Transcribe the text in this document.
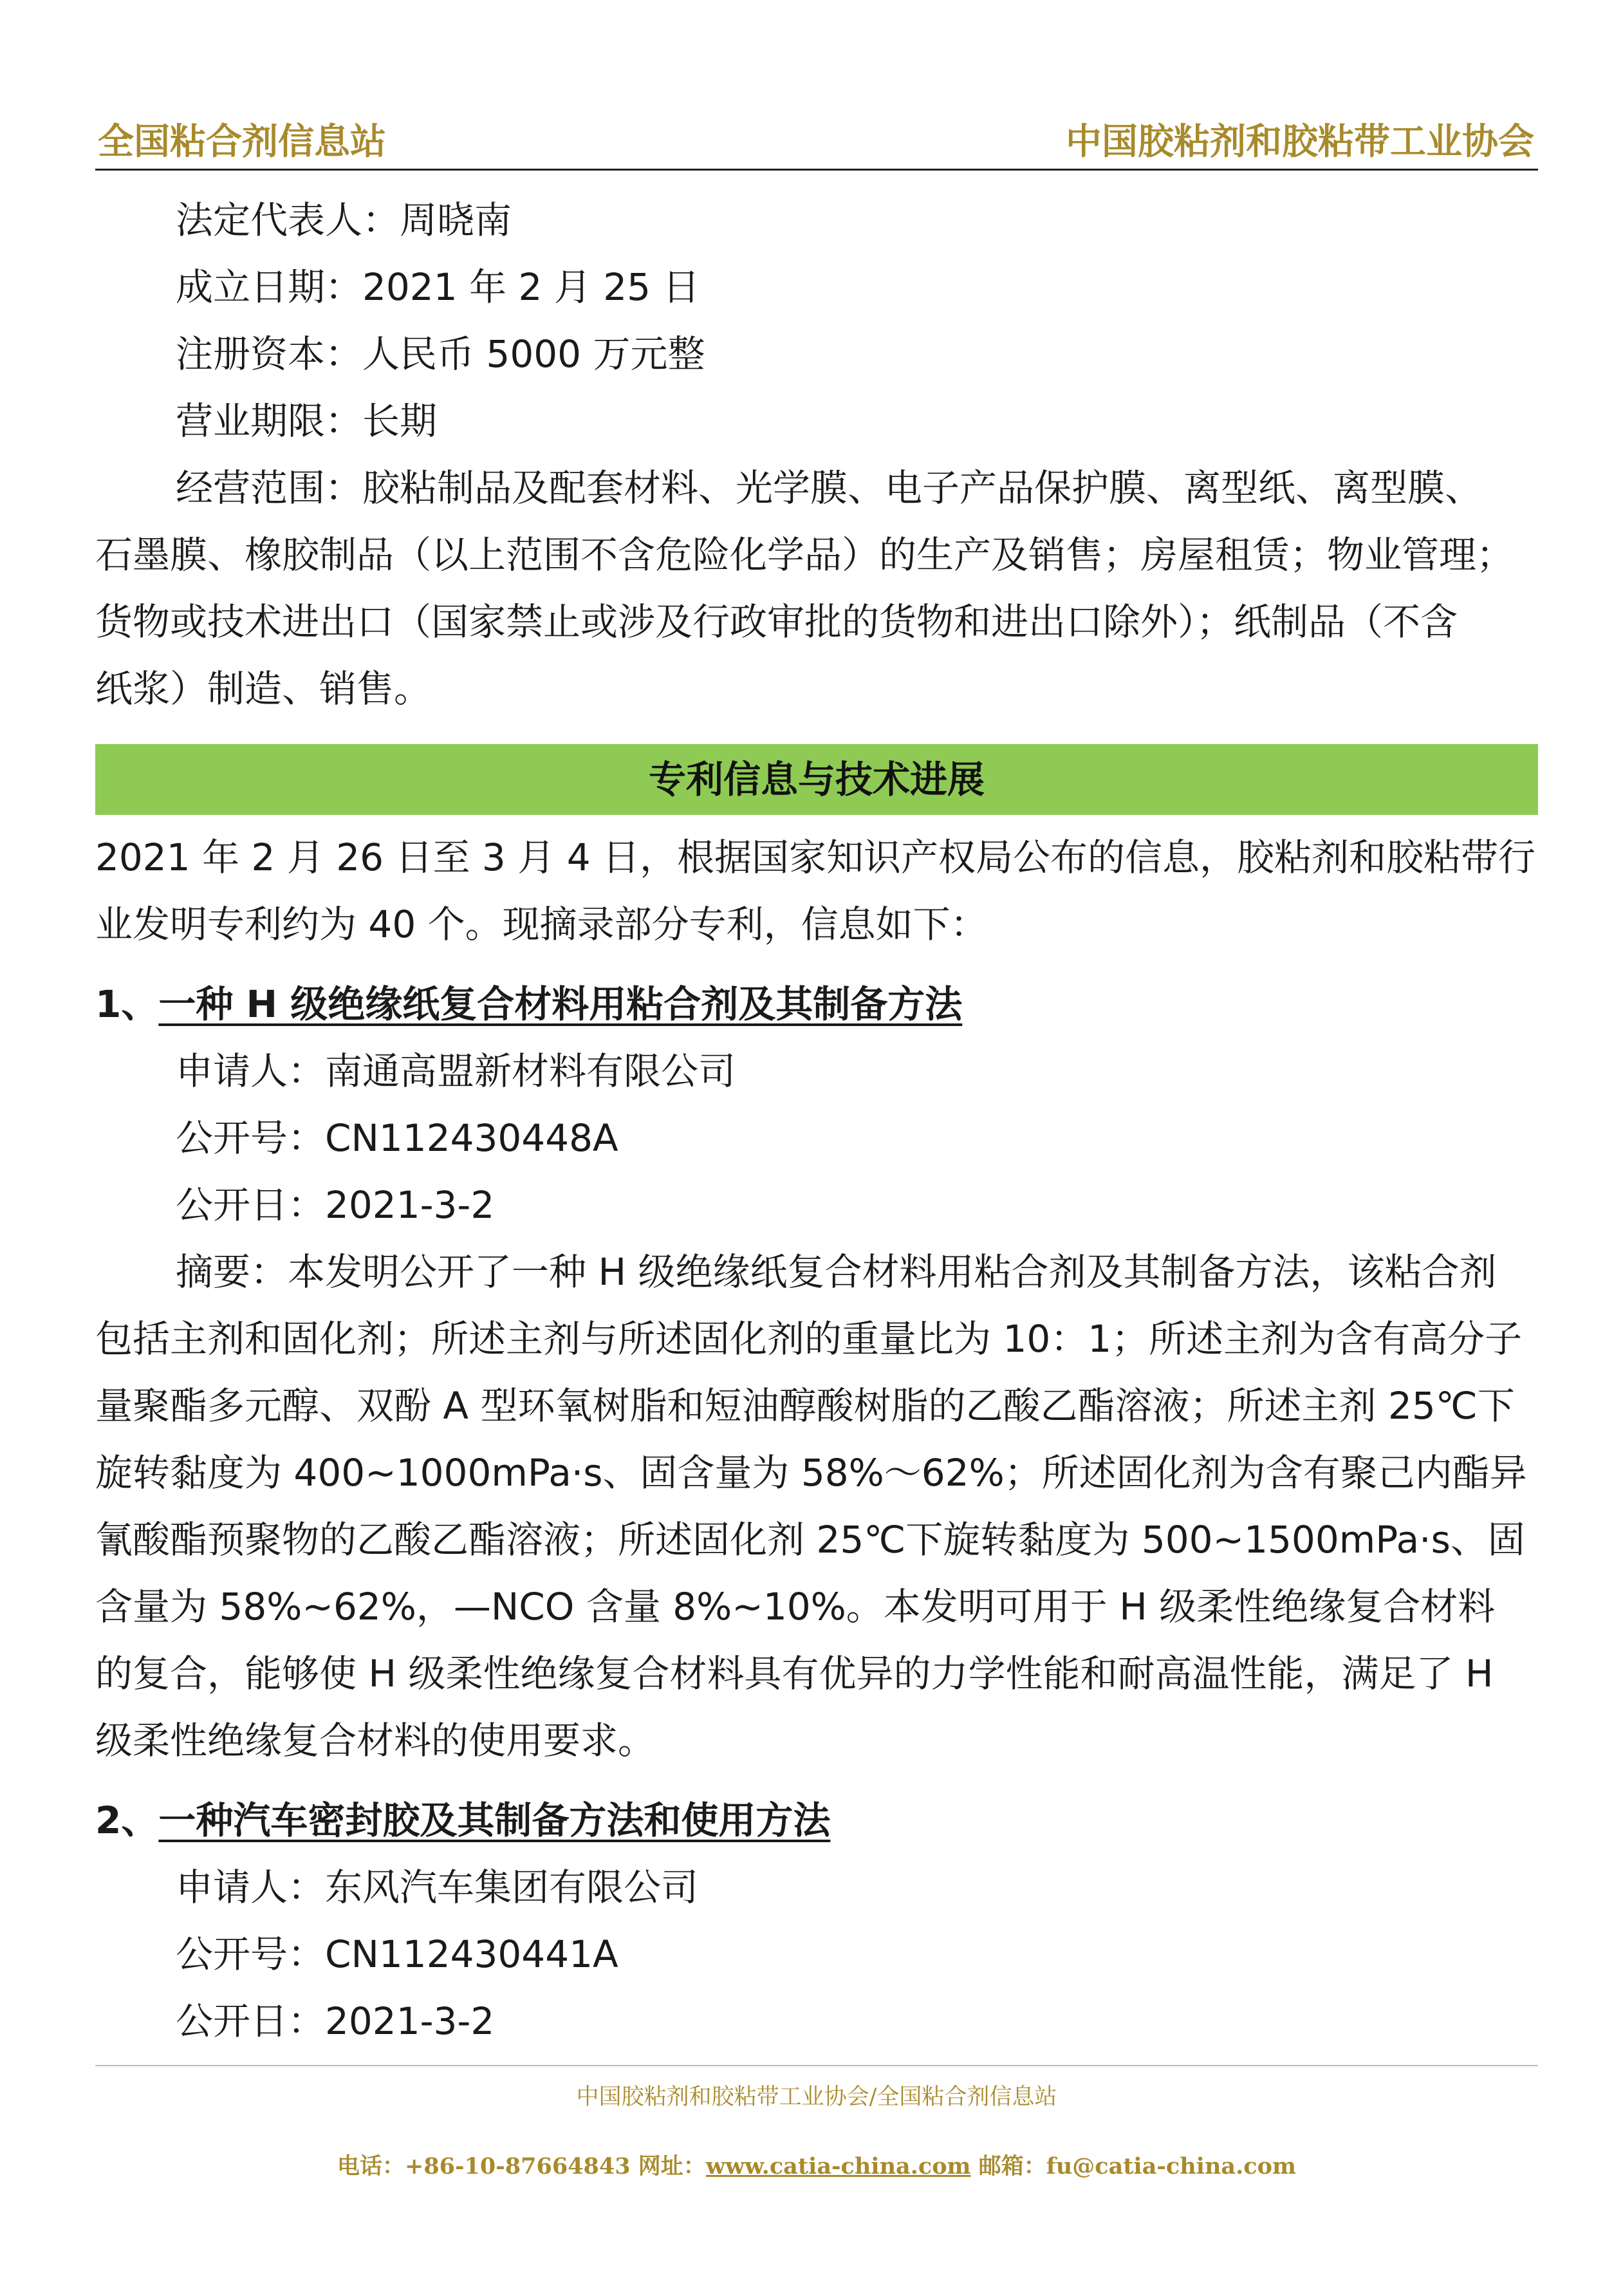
全国粘合剂信息站	中国胶粘剂和胶粘带工业协会
法定代表人：周晓南
成立日期：2021 年 2 月 25 日
注册资本：人民币 5000 万元整
营业期限：长期
经营范围：胶粘制品及配套材料、光学膜、电子产品保护膜、离型纸、离型膜、
石墨膜、橡胶制品（以上范围不含危险化学品）的生产及销售；房屋租赁；物业管理；
货物或技术进出口（国家禁止或涉及行政审批的货物和进出口除外）；纸制品（不含
纸浆）制造、销售。
专利信息与技术进展
2021 年 2 月 26 日至 3 月 4 日，根据国家知识产权局公布的信息，胶粘剂和胶粘带行
业发明专利约为 40 个。现摘录部分专利，信息如下：
1、一种 H 级绝缘纸复合材料用粘合剂及其制备方法
申请人：南通高盟新材料有限公司
公开号：CN112430448A
公开日：2021-3-2
摘要：本发明公开了一种 H 级绝缘纸复合材料用粘合剂及其制备方法，该粘合剂
包括主剂和固化剂；所述主剂与所述固化剂的重量比为 10：1；所述主剂为含有高分子
量聚酯多元醇、双酚 A 型环氧树脂和短油醇酸树脂的乙酸乙酯溶液；所述主剂 25℃下
旋转黏度为 400~1000mPa·s、固含量为 58%～62%；所述固化剂为含有聚己内酯异
氰酸酯预聚物的乙酸乙酯溶液；所述固化剂 25℃下旋转黏度为 500~1500mPa·s、固
含量为 58%~62%，—NCO 含量 8%~10%。本发明可用于 H 级柔性绝缘复合材料
的复合，能够使 H 级柔性绝缘复合材料具有优异的力学性能和耐高温性能，满足了 H
级柔性绝缘复合材料的使用要求。
2、一种汽车密封胶及其制备方法和使用方法
申请人：东风汽车集团有限公司
公开号：CN112430441A
公开日：2021-3-2
中国胶粘剂和胶粘带工业协会/全国粘合剂信息站
电话：+86-10-87664843 网址：www.catia-china.com 邮箱：fu@catia-china.com
